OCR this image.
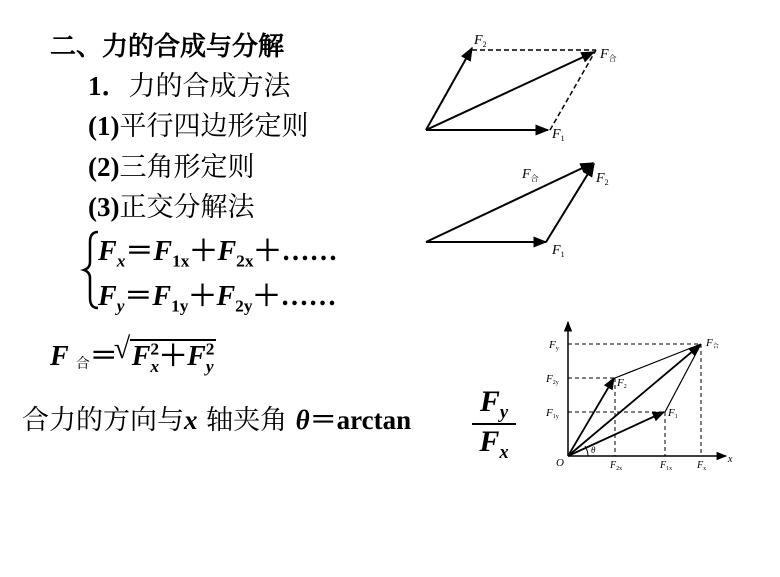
二、力的合成与分解
1．力的合成方法
(1)平行四边形定则
(2)三角形定则
(3)正交分解法
$F_2$
$F_合$
$F_1$
$F_合$	$F_2$
$F_1$
Fy
F2y
F1y
F合
F2
F1
O
θ
$F_{2x}$	$F_{1x}$ $F_x$
x
$F_x=F_{1x}+F_{2x}+\dots\dots$
$F_y=F_{1y}+F_{2y}+\dots\dots$
F 合＝√ $F^2_x+F^2_y$
合力的方向与x 轴夹角 $\theta=\arctan \frac{F_y}{F_x}$
